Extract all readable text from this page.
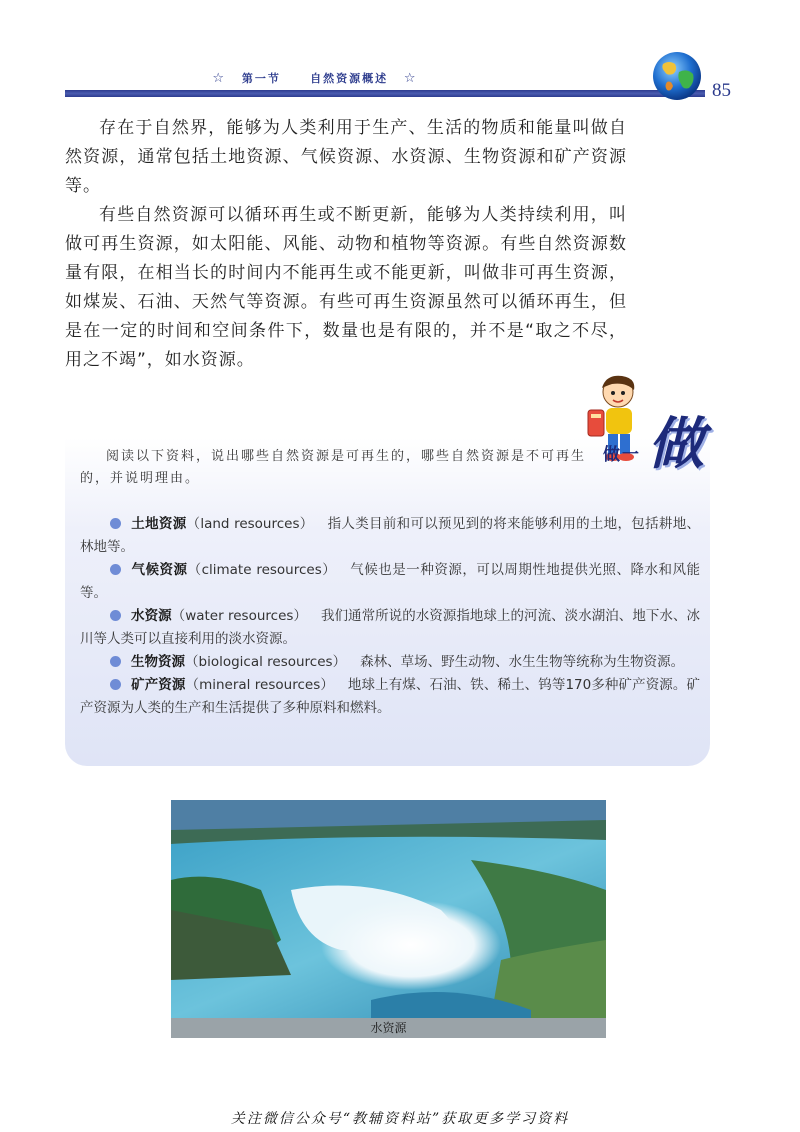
☆ 第一节	自然资源概述 ☆
85

存在于自然界，能够为人类利用于生产、生活的物质和能量叫做自然资源，通常包括土地资源、气候资源、水资源、生物资源和矿产资源等。

有些自然资源可以循环再生或不断更新，能够为人类持续利用，叫做可再生资源，如太阳能、风能、动物和植物等资源。有些自然资源数量有限，在相当长的时间内不能再生或不能更新，叫做非可再生资源，如煤炭、石油、天然气等资源。有些可再生资源虽然可以循环再生，但是在一定的时间和空间条件下，数量也是有限的，并不是“取之不尽，用之不竭”，如水资源。

做一 做
阅读以下资料，说出哪些自然资源是可再生的，哪些自然资源是不可再生的，并说明理由。
土地资源（land resources） 指人类目前和可以预见到的将来能够利用的土地，包括耕地、林地等。
气候资源（climate resources） 气候也是一种资源，可以周期性地提供光照、降水和风能等。
水资源（water resources） 我们通常所说的水资源指地球上的河流、淡水湖泊、地下水、冰川等人类可以直接利用的淡水资源。
生物资源（biological resources） 森林、草场、野生动物、水生生物等统称为生物资源。
矿产资源（mineral resources） 地球上有煤、石油、铁、稀土、钨等170多种矿产资源。矿产资源为人类的生产和生活提供了多种原料和燃料。
水资源
关注微信公众号“教辅资料站”获取更多学习资料
